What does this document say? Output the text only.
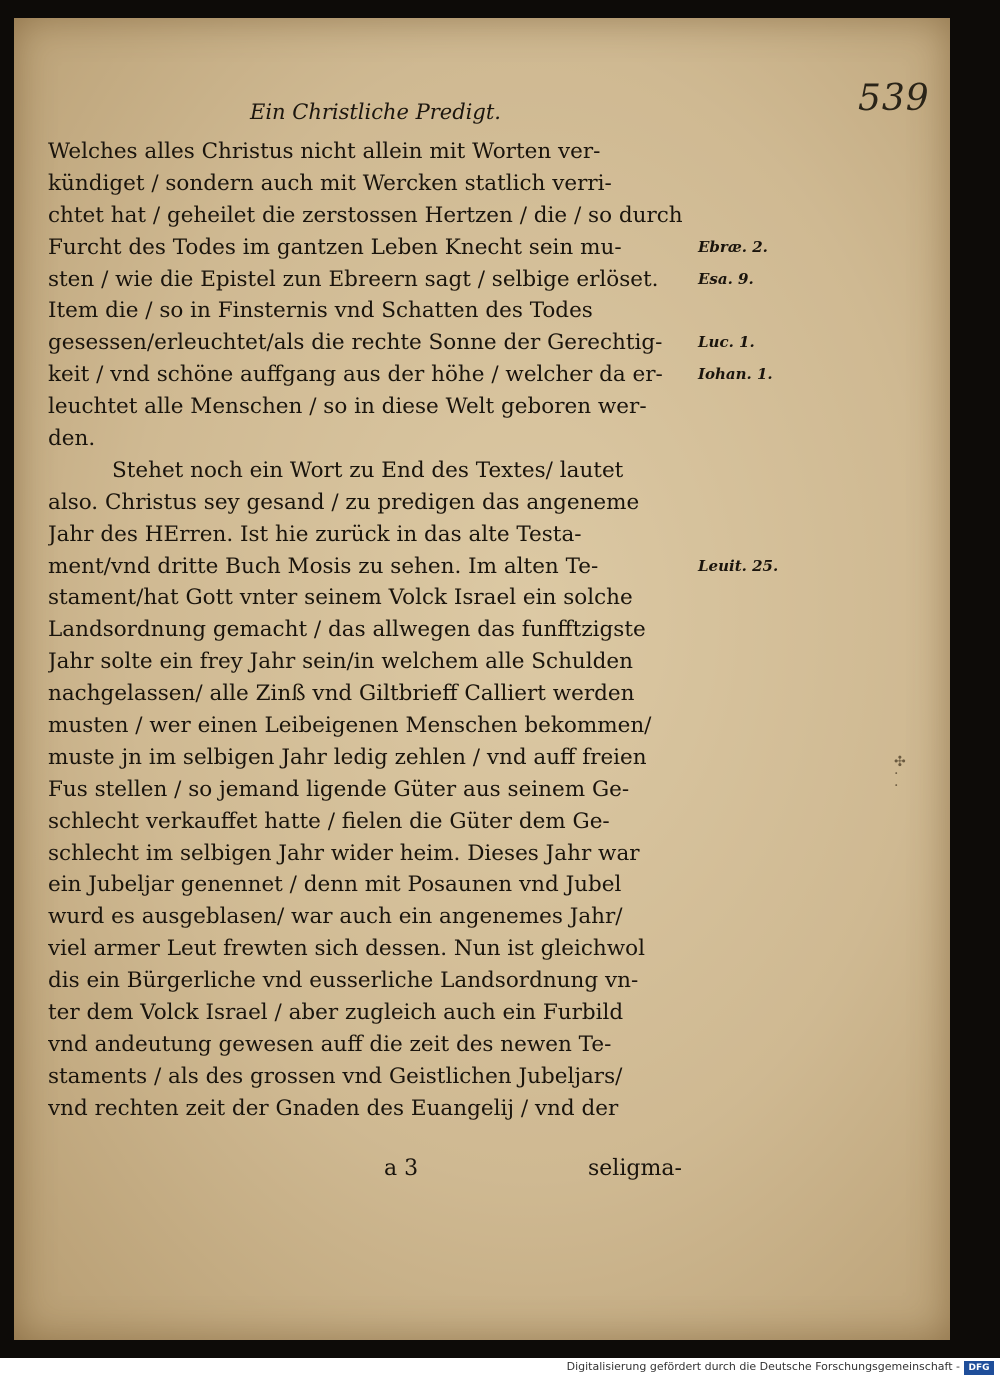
539
Ein Christliche Predigt.
Welches alles Christus nicht allein mit Worten ver-
kündiget / sondern auch mit Wercken statlich verri-
chtet hat / geheilet die zerstossen Hertzen / die / so durch
Furcht des Todes im gantzen Leben Knecht sein mu-
sten / wie die Epistel zun Ebreern sagt / selbige erlöset.
Item die / so in Finsternis vnd Schatten des Todes
gesessen/erleuchtet/als die rechte Sonne der Gerechtig-
keit / vnd schöne auffgang aus der höhe / welcher da er-
leuchtet alle Menschen / so in diese Welt geboren wer-
den.
Stehet noch ein Wort zu End des Textes/ lautet
also. Christus sey gesand / zu predigen das angeneme
Jahr des HErren. Ist hie zurück in das alte Testa-
ment/vnd dritte Buch Mosis zu sehen. Im alten Te-
stament/hat Gott vnter seinem Volck Israel ein solche
Landsordnung gemacht / das allwegen das funfftzigste
Jahr solte ein frey Jahr sein/in welchem alle Schulden
nachgelassen/ alle Zinß vnd Giltbrieff Calliert werden
musten / wer einen Leibeigenen Menschen bekommen/
muste jn im selbigen Jahr ledig zehlen / vnd auff freien
Fus stellen / so jemand ligende Güter aus seinem Ge-
schlecht verkauffet hatte / fielen die Güter dem Ge-
schlecht im selbigen Jahr wider heim. Dieses Jahr war
ein Jubeljar genennet / denn mit Posaunen vnd Jubel
wurd es ausgeblasen/ war auch ein angenemes Jahr/
viel armer Leut frewten sich dessen. Nun ist gleichwol
dis ein Bürgerliche vnd eusserliche Landsordnung vn-
ter dem Volck Israel / aber zugleich auch ein Furbild
vnd andeutung gewesen auff die zeit des newen Te-
staments / als des grossen vnd Geistlichen Jubeljars/
vnd rechten zeit der Gnaden des Euangelij / vnd der
Ebræ. 2.
Esa. 9.
Luc. 1.
Iohan. 1.
Leuit. 25.
a 3	seligma-
✣
·
·
Digitalisierung gefördert durch die Deutsche Forschungsgemeinschaft - DFG
